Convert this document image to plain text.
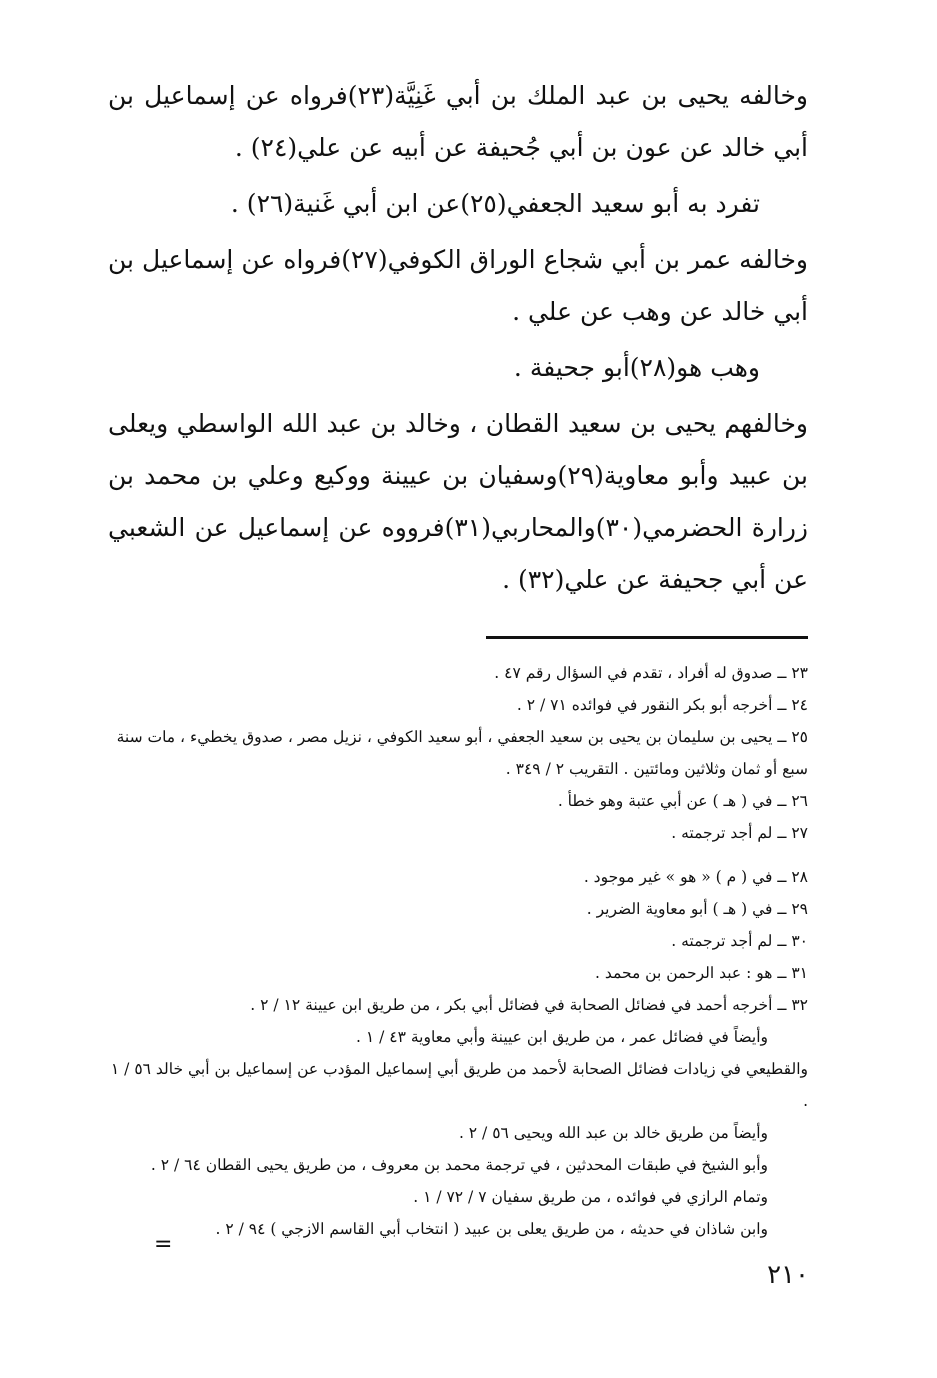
وخالفه يحيى بن عبد الملك بن أبي غَنِيَّة(٢٣)فرواه عن إسماعيل بن أبي خالد عن عون بن أبي جُحيفة عن أبيه عن علي(٢٤) .

تفرد به أبو سعيد الجعفي(٢٥)عن ابن أبي غَنية(٢٦) .

وخالفه عمر بن أبي شجاع الوراق الكوفي(٢٧)فرواه عن إسماعيل بن أبي خالد عن وهب عن علي .

وهب هو(٢٨)أبو جحيفة .

وخالفهم يحيى بن سعيد القطان ، وخالد بن عبد الله الواسطي ويعلى بن عبيد وأبو معاوية(٢٩)وسفيان بن عيينة ووكيع وعلي بن محمد بن زرارة الحضرمي(٣٠)والمحاربي(٣١)فرووه عن إسماعيل عن الشعبي عن أبي جحيفة عن علي(٣٢) .

٢٣ ــ صدوق له أفراد ، تقدم في السؤال رقم ٤٧ .

٢٤ ــ أخرجه أبو بكر النقور في فوائده ٧١ / ٢ .

٢٥ ــ يحيى بن سليمان بن يحيى بن سعيد الجعفي ، أبو سعيد الكوفي ، نزيل مصر ، صدوق يخطيء ، مات سنة سبع أو ثمان وثلاثين ومائتين . التقريب ٢ / ٣٤٩ .

٢٦ ــ في ( هـ ) عن أبي عتبة وهو خطأ .

٢٧ ــ لم أجد ترجمته .

٢٨ ــ في ( م ) « هو » غير موجود .

٢٩ ــ في ( هـ ) أبو معاوية الضرير .

٣٠ ــ لم أجد ترجمته .

٣١ ــ هو : عبد الرحمن بن محمد .

٣٢ ــ أخرجه أحمد في فضائل الصحابة في فضائل أبي بكر ، من طريق ابن عيينة ١٢ / ٢ .

وأيضاً في فضائل عمر ، من طريق ابن عيينة وأبي معاوية ٤٣ / ١ .

والقطيعي في زيادات فضائل الصحابة لأحمد من طريق أبي إسماعيل المؤدب عن إسماعيل بن أبي خالد ٥٦ / ١ .

وأيضاً من طريق خالد بن عبد الله ويحيى ٥٦ / ٢ .

وأبو الشيخ في طبقات المحدثين ، في ترجمة محمد بن معروف ، من طريق يحيى القطان ٦٤ / ٢ .

وتمام الرازي في فوائده ، من طريق سفيان ٧ / ٧٢ / ١ .

وابن شاذان في حديثه ، من طريق يعلى بن عبيد ( انتخاب أبي القاسم الازجي ) ٩٤ / ٢ .

=
٢١٠
